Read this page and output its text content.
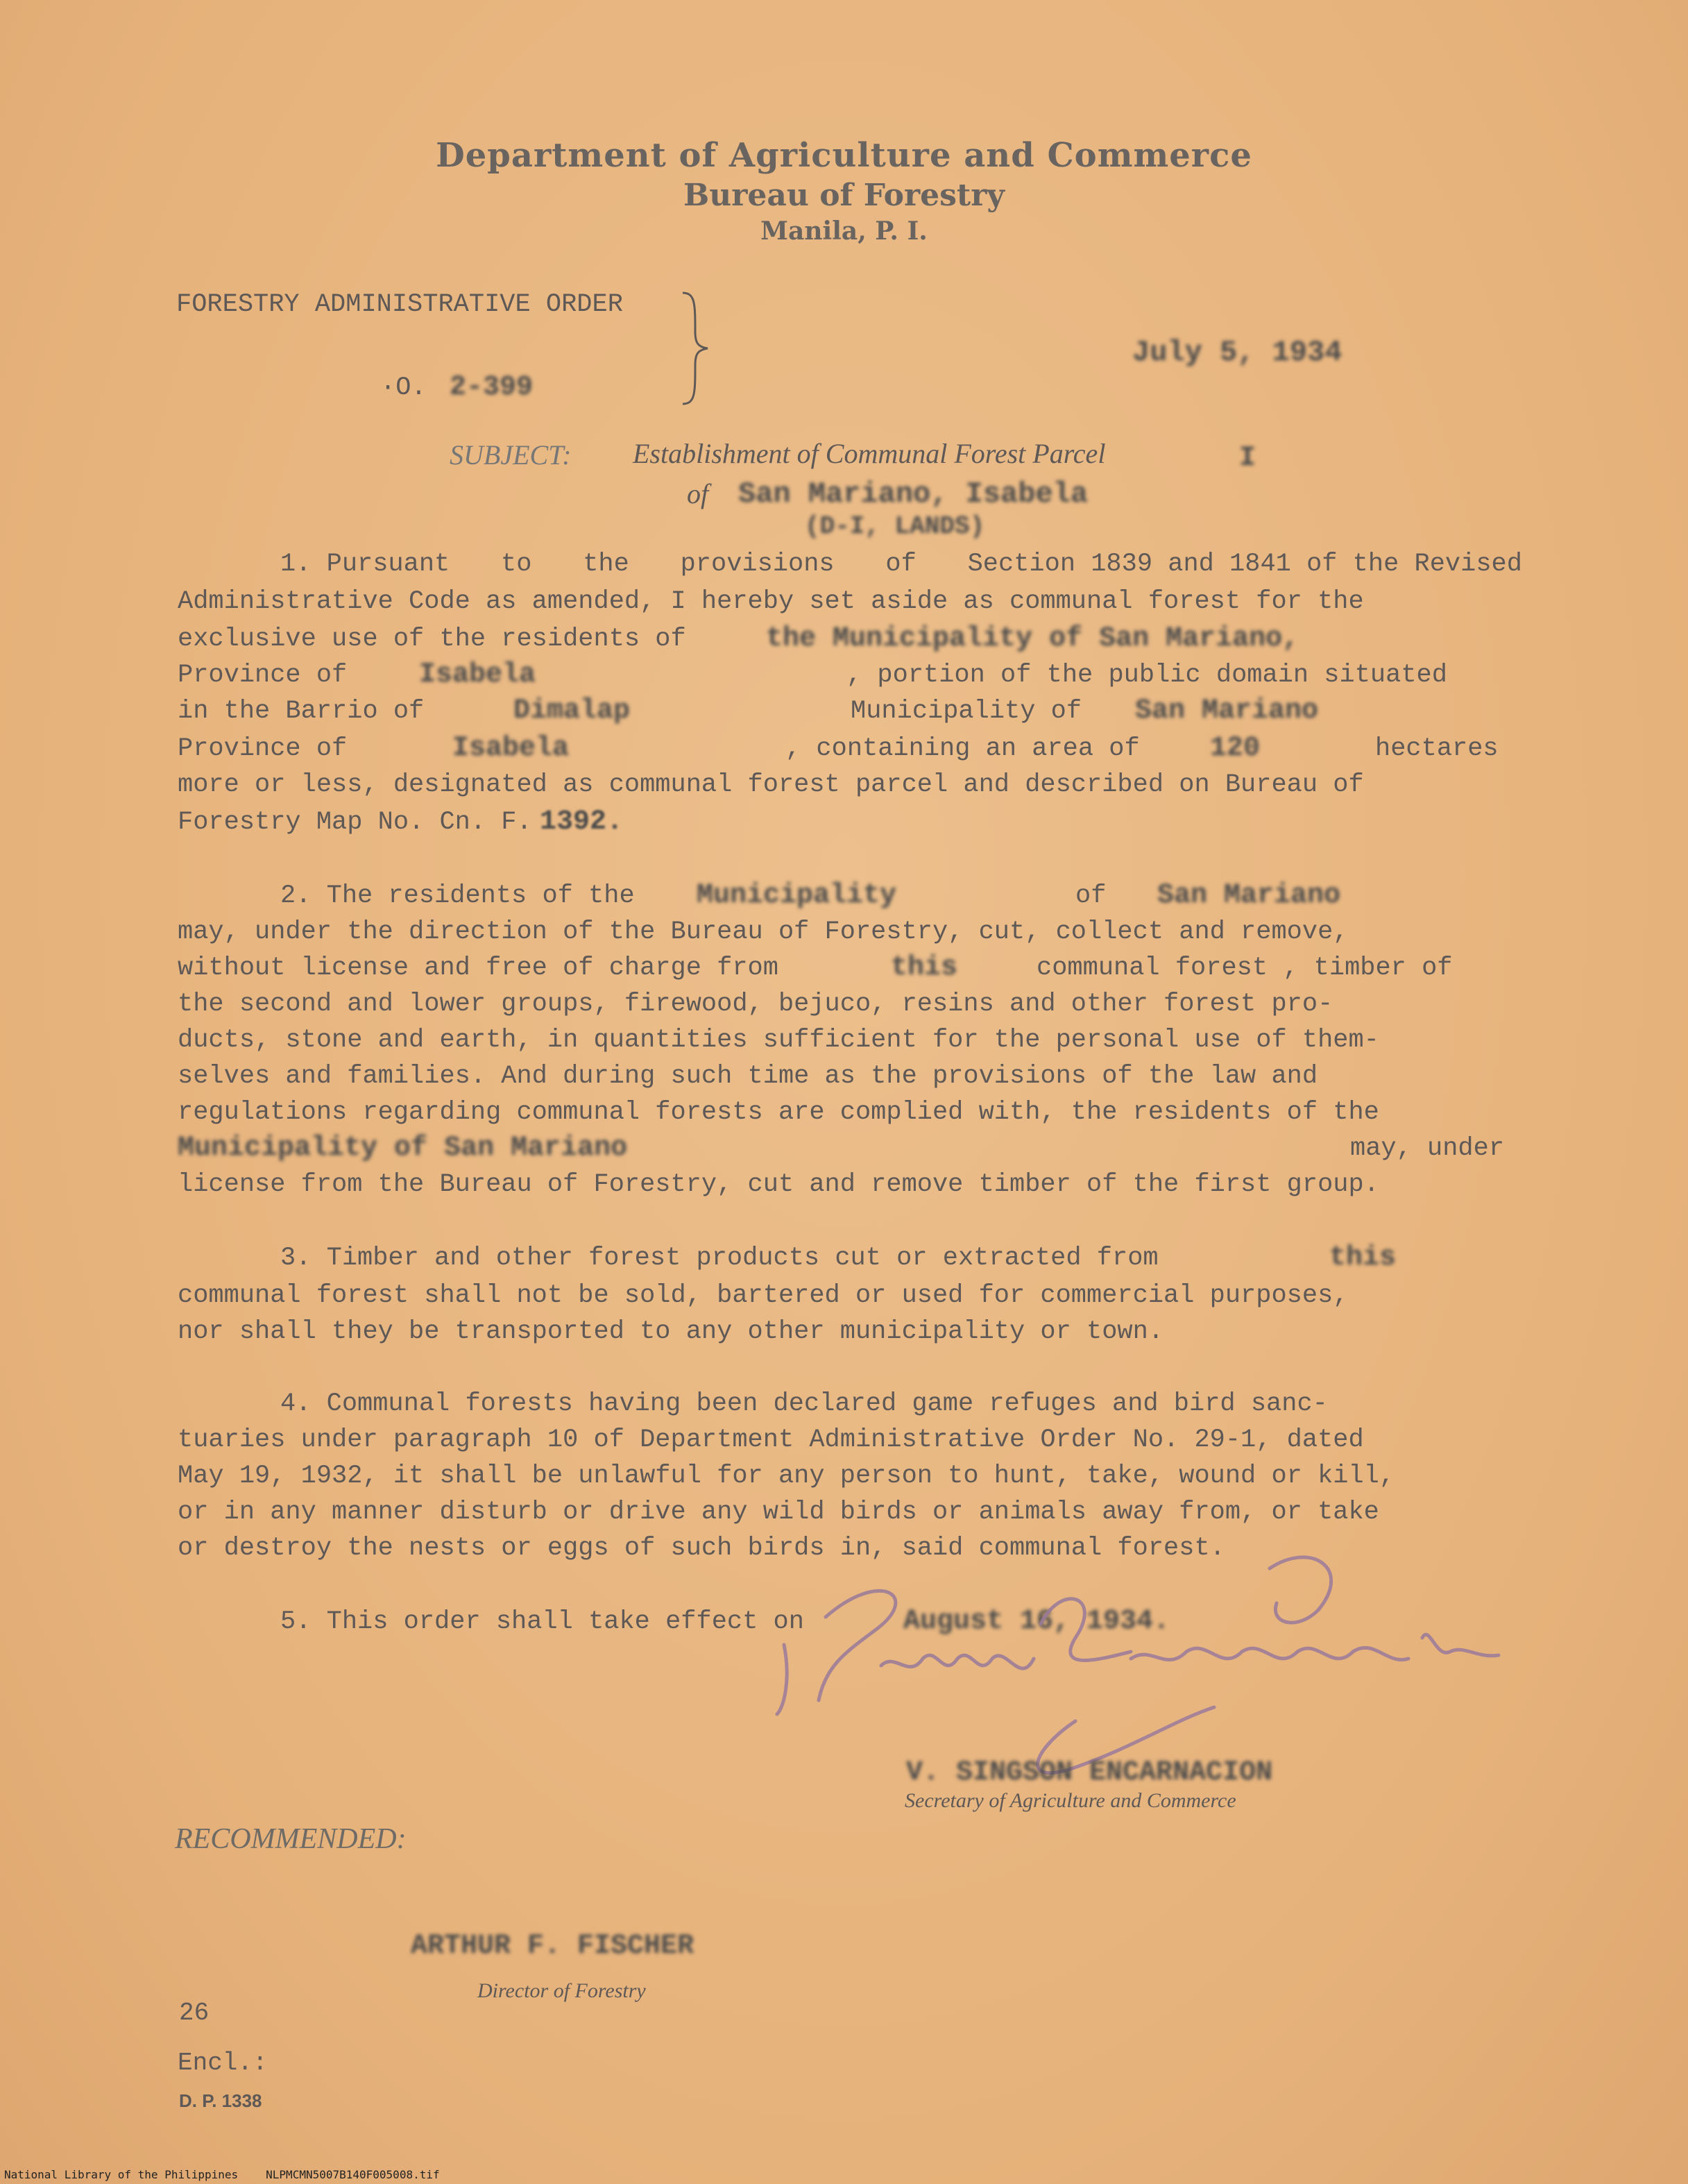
Department of Agriculture and Commerce
Bureau of Forestry
Manila, P. I.
FORESTRY ADMINISTRATIVE ORDER
·O. 2-399
July 5, 1934
SUBJECT: Establishment of Communal Forest Parcel	I
of San Mariano, Isabela
(D-I, LANDS)
1. Pursuant to the provisions of Section 1839 and 1841 of the Revised
Administrative Code as amended, I hereby set aside as communal forest for the
exclusive use of the residents of	the Municipality of San Mariano,
Province of	Isabela	, portion of the public domain situated
in the Barrio of	Dimalap	Municipality of San Mariano
Province of	Isabela	, containing an area of	120	hectares
more or less, designated as communal forest parcel and described on Bureau of
Forestry Map No. Cn. F. 1392.
2. The residents of the Municipality	of San Mariano
may, under the direction of the Bureau of Forestry, cut, collect and remove,
without license and free of charge from	this	communal forest , timber of
the second and lower groups, firewood, bejuco, resins and other forest pro-
ducts, stone and earth, in quantities sufficient for the personal use of them-
selves and families. And during such time as the provisions of the law and
regulations regarding communal forests are complied with, the residents of the
Municipality of San Mariano	may, under
license from the Bureau of Forestry, cut and remove timber of the first group.
3. Timber and other forest products cut or extracted from	this
communal forest shall not be sold, bartered or used for commercial purposes,
nor shall they be transported to any other municipality or town.
4. Communal forests having been declared game refuges and bird sanc-
tuaries under paragraph 10 of Department Administrative Order No. 29-1, dated
May 19, 1932, it shall be unlawful for any person to hunt, take, wound or kill,
or in any manner disturb or drive any wild birds or animals away from, or take
or destroy the nests or eggs of such birds in, said communal forest.
5. This order shall take effect on	August 16, 1934.
V. SINGSON ENCARNACION
Secretary of Agriculture and Commerce
RECOMMENDED:
ARTHUR F. FISCHER
Director of Forestry
26
Encl.:
D. P. 1338
National Library of the Philippines	NLPMCMN5007B140F005008.tif
